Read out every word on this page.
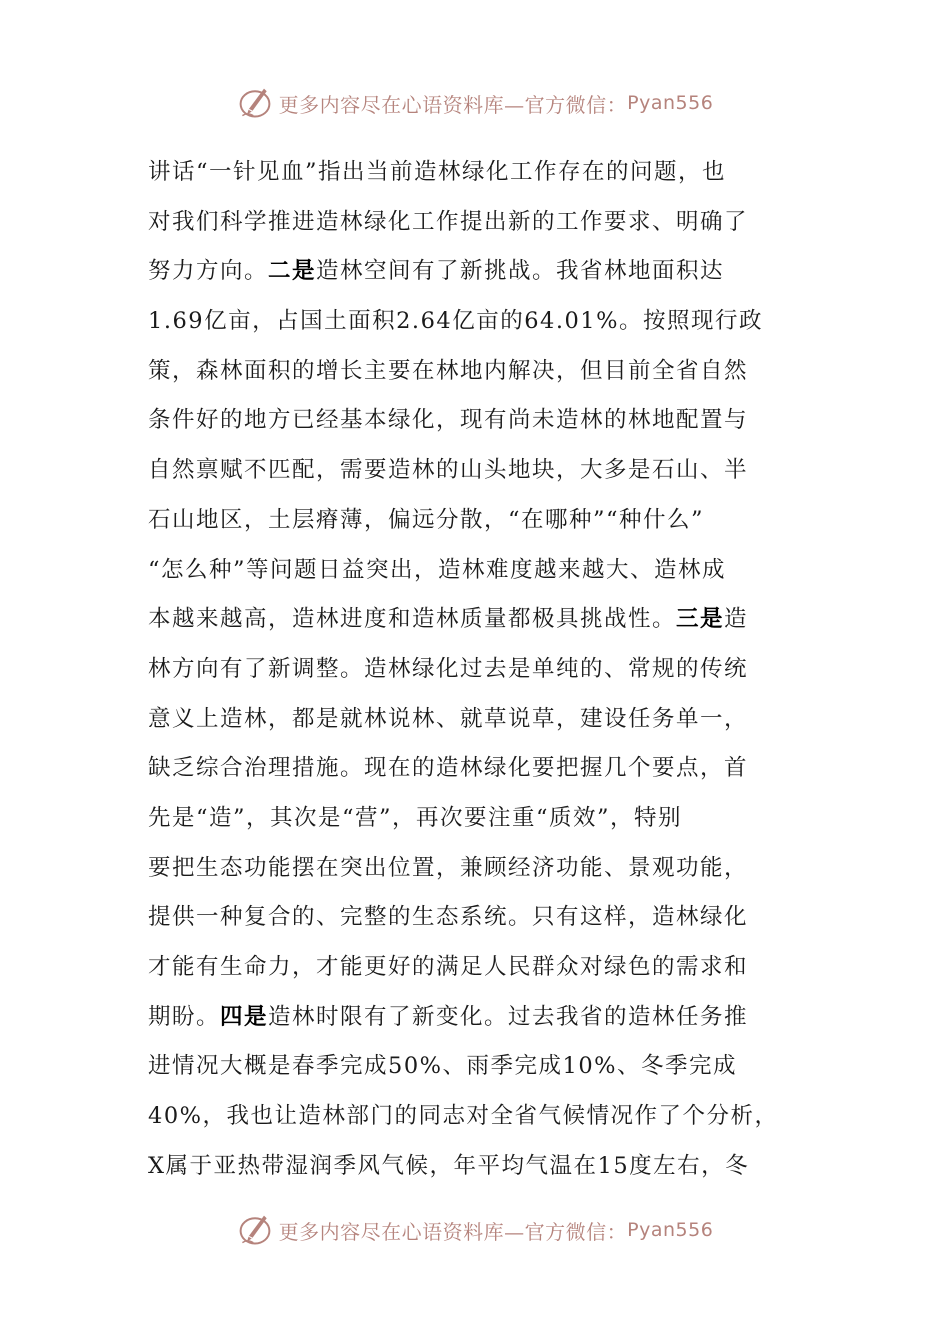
更多内容尽在心语资料库—官方微信： Pyan556
讲话“一针见血”指出当前造林绿化工作存在的问题，也
对我们科学推进造林绿化工作提出新的工作要求、明确了
努力方向。二是造林空间有了新挑战。我省林地面积达
1.69亿亩，占国土面积2.64亿亩的64.01%。按照现行政
策，森林面积的增长主要在林地内解决，但目前全省自然
条件好的地方已经基本绿化，现有尚未造林的林地配置与
自然禀赋不匹配，需要造林的山头地块，大多是石山、半
石山地区，土层瘠薄，偏远分散，“在哪种”“种什么”
“怎么种”等问题日益突出，造林难度越来越大、造林成
本越来越高，造林进度和造林质量都极具挑战性。三是造
林方向有了新调整。造林绿化过去是单纯的、常规的传统
意义上造林，都是就林说林、就草说草，建设任务单一，
缺乏综合治理措施。现在的造林绿化要把握几个要点，首
先是“造”，其次是“营”，再次要注重“质效”，特别
要把生态功能摆在突出位置，兼顾经济功能、景观功能，
提供一种复合的、完整的生态系统。只有这样，造林绿化
才能有生命力，才能更好的满足人民群众对绿色的需求和
期盼。四是造林时限有了新变化。过去我省的造林任务推
进情况大概是春季完成50%、雨季完成10%、冬季完成
40%，我也让造林部门的同志对全省气候情况作了个分析，
X属于亚热带湿润季风气候，年平均气温在15度左右，冬
更多内容尽在心语资料库—官方微信： Pyan556
